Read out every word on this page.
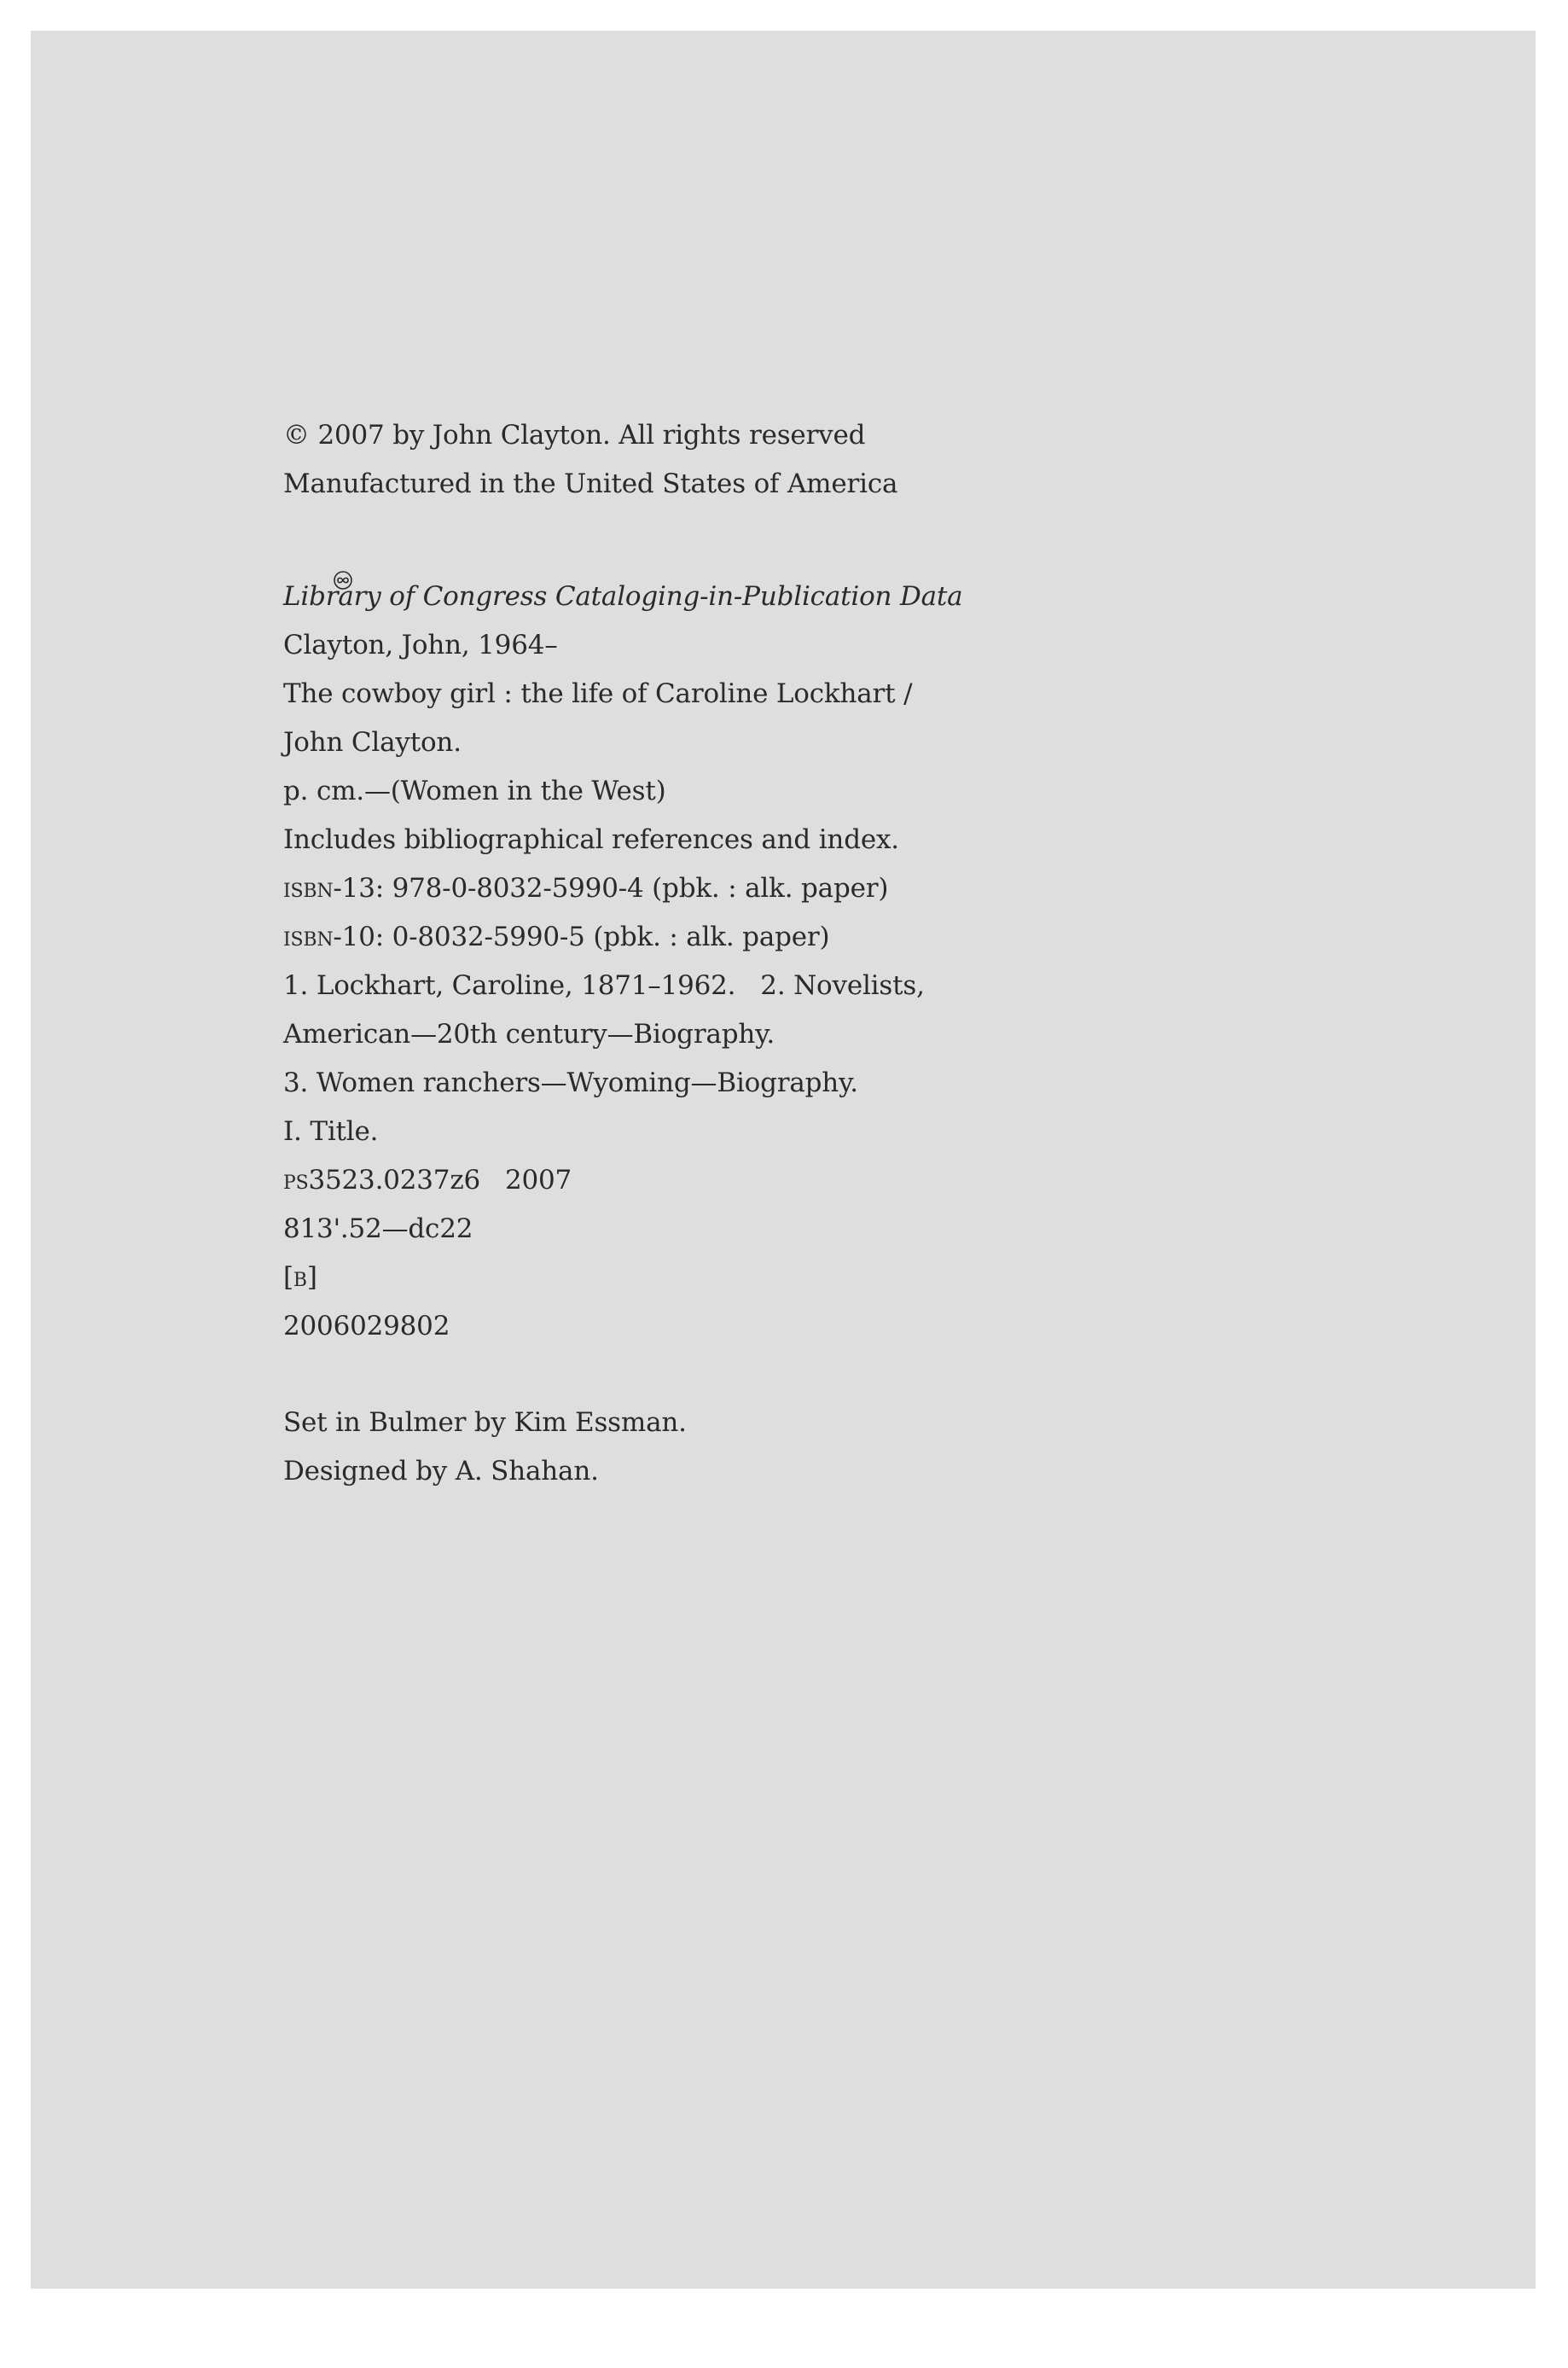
© 2007 by John Clayton. All rights reserved
Manufactured in the United States of America

Library of Congress Cataloging-in-Publication Data
Clayton, John, 1964–
The cowboy girl : the life of Caroline Lockhart /
John Clayton.
p. cm.—(Women in the West)
Includes bibliographical references and index.
isbn-13: 978-0-8032-5990-4 (pbk. : alk. paper)
isbn-10: 0-8032-5990-5 (pbk. : alk. paper)
1. Lockhart, Caroline, 1871–1962.   2. Novelists,
American—20th century—Biography.
3. Women ranchers—Wyoming—Biography.
I. Title.
ps3523.0237z6   2007
813'.52—dc22
[b]
2006029802
Set in Bulmer by Kim Essman.
Designed by A. Shahan.
